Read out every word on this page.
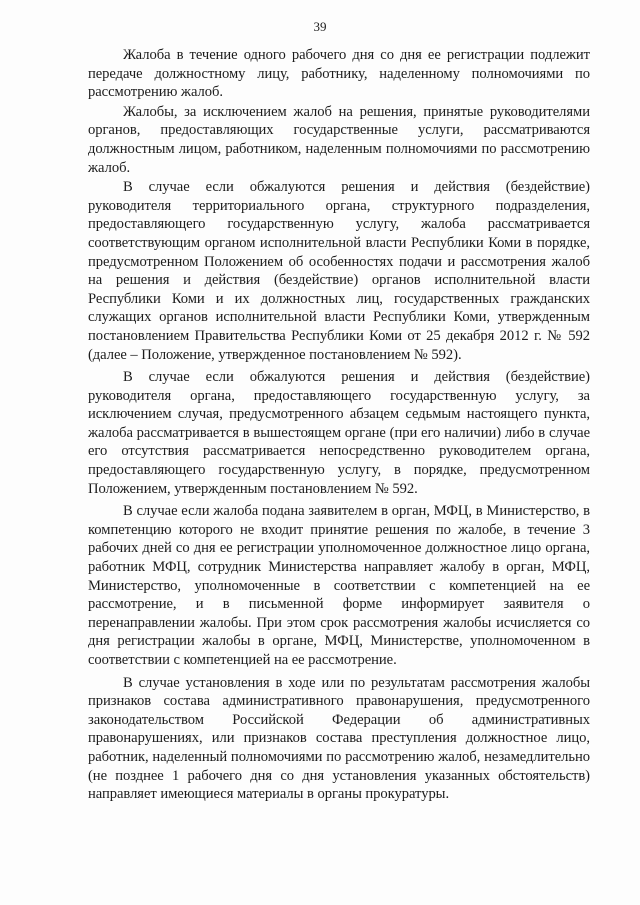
39

Жалоба в течение одного рабочего дня со дня ее регистрации подлежит передаче должностному лицу, работнику, наделенному полномочиями по рассмотрению жалоб.

Жалобы, за исключением жалоб на решения, принятые руководителями органов, предоставляющих государственные услуги, рассматриваются должностным лицом, работником, наделенным полномочиями по рассмотрению жалоб.

В случае если обжалуются решения и действия (бездействие) руководителя территориального органа, структурного подразделения, предоставляющего государственную услугу, жалоба рассматривается соответствующим органом исполнительной власти Республики Коми в порядке, предусмотренном Положением об особенностях подачи и рассмотрения жалоб на решения и действия (бездействие) органов исполнительной власти Республики Коми и их должностных лиц, государственных гражданских служащих органов исполнительной власти Республики Коми, утвержденным постановлением Правительства Республики Коми от 25 декабря 2012 г. № 592 (далее – Положение, утвержденное постановлением № 592).

В случае если обжалуются решения и действия (бездействие) руководителя органа, предоставляющего государственную услугу, за исключением случая, предусмотренного абзацем седьмым настоящего пункта, жалоба рассматривается в вышестоящем органе (при его наличии) либо в случае его отсутствия рассматривается непосредственно руководителем органа, предоставляющего государственную услугу, в порядке, предусмотренном Положением, утвержденным постановлением № 592.

В случае если жалоба подана заявителем в орган, МФЦ, в Министерство, в компетенцию которого не входит принятие решения по жалобе, в течение 3 рабочих дней со дня ее регистрации уполномоченное должностное лицо органа, работник МФЦ, сотрудник Министерства направляет жалобу в орган, МФЦ, Министерство, уполномоченные в соответствии с компетенцией на ее рассмотрение, и в письменной форме информирует заявителя о перенаправлении жалобы. При этом срок рассмотрения жалобы исчисляется со дня регистрации жалобы в органе, МФЦ, Министерстве, уполномоченном в соответствии с компетенцией на ее рассмотрение.

В случае установления в ходе или по результатам рассмотрения жалобы признаков состава административного правонарушения, предусмотренного законодательством Российской Федерации об административных правонарушениях, или признаков состава преступления должностное лицо, работник, наделенный полномочиями по рассмотрению жалоб, незамедлительно (не позднее 1 рабочего дня со дня установления указанных обстоятельств) направляет имеющиеся материалы в органы прокуратуры.
